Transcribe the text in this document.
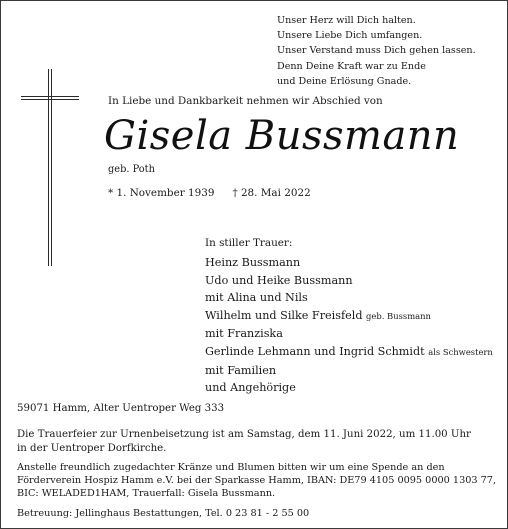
Unser Herz will Dich halten.
Unsere Liebe Dich umfangen.
Unser Verstand muss Dich gehen lassen.
Denn Deine Kraft war zu Ende
und Deine Erlösung Gnade.
In Liebe und Dankbarkeit nehmen wir Abschied von
Gisela Bussmann
geb. Poth
* 1. November 1939 † 28. Mai 2022
In stiller Trauer:
Heinz Bussmann
Udo und Heike Bussmann
mit Alina und Nils
Wilhelm und Silke Freisfeld geb. Bussmann
mit Franziska
Gerlinde Lehmann und Ingrid Schmidt als Schwestern
mit Familien
und Angehörige
59071 Hamm, Alter Uentroper Weg 333
Die Trauerfeier zur Urnenbeisetzung ist am Samstag, dem 11. Juni 2022, um 11.00 Uhr
in der Uentroper Dorfkirche.
Anstelle freundlich zugedachter Kränze und Blumen bitten wir um eine Spende an den
Förderverein Hospiz Hamm e.V. bei der Sparkasse Hamm, IBAN: DE79 4105 0095 0000 1303 77,
BIC: WELADED1HAM, Trauerfall: Gisela Bussmann.
Betreuung: Jellinghaus Bestattungen, Tel. 0 23 81 - 2 55 00
